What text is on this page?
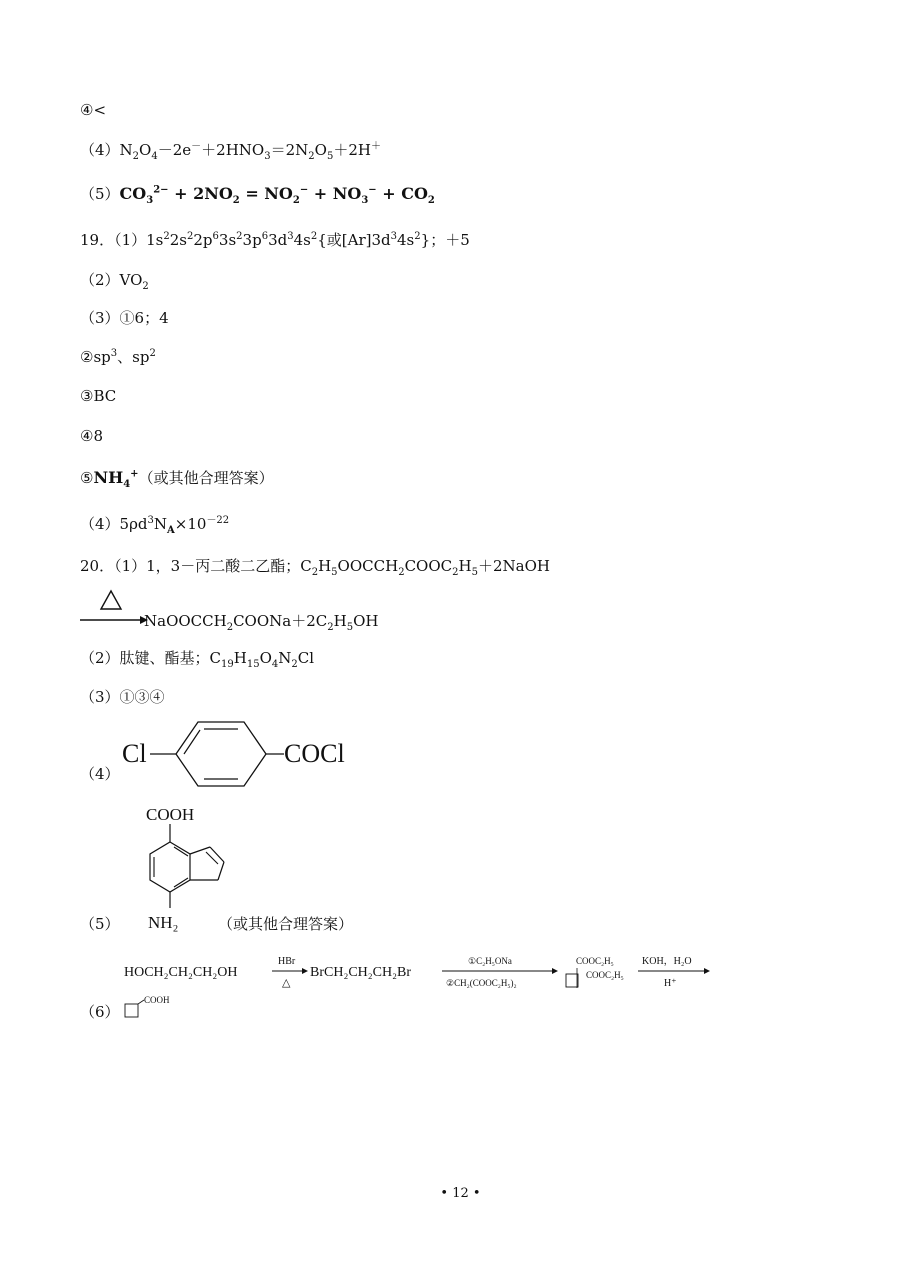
④<
$(4)N_2O_4-2e^-+2HNO_3=2N_2O_5+2H^+$
$(5)CO_3^{2-} + 2NO_2 = NO_2^- + NO_3^- + CO_2$
19．$(1)1s^22s^22p^63s^23p^63d^34s^2${或$[Ar]3d^34s^2$}；＋5
$(2)VO_2$
（3）①6；4
$②sp^3$、$sp^2$
③BC
④8
$⑤NH_4^+$（或其他合理答案）
$(4)5\rho d^3N_A\times 10^{-22}$
20．（1）1，3－丙二酸二乙酯；$C_2H_5OOCCH_2COOC_2H_5+2NaOH$
$NaOOCCH_2COONa+2C_2H_5OH$
（2）肽键、酯基；$C_{19}H_{15}O_4N_2Cl$
（3）①③④
（4）
Cl	COCl
COOH
NH₂
（5）	（或其他合理答案）
HOCH₂CH₂CH₂OH
HBr
△
BrCH₂CH₂CH₂Br
①C₂H₅ONa
②CH₂(COOC₂H₅)₂
COOC₂H₅
COOC₂H₅
KOH，H₂O
H⁺
（6）
COOH
• 12 •
